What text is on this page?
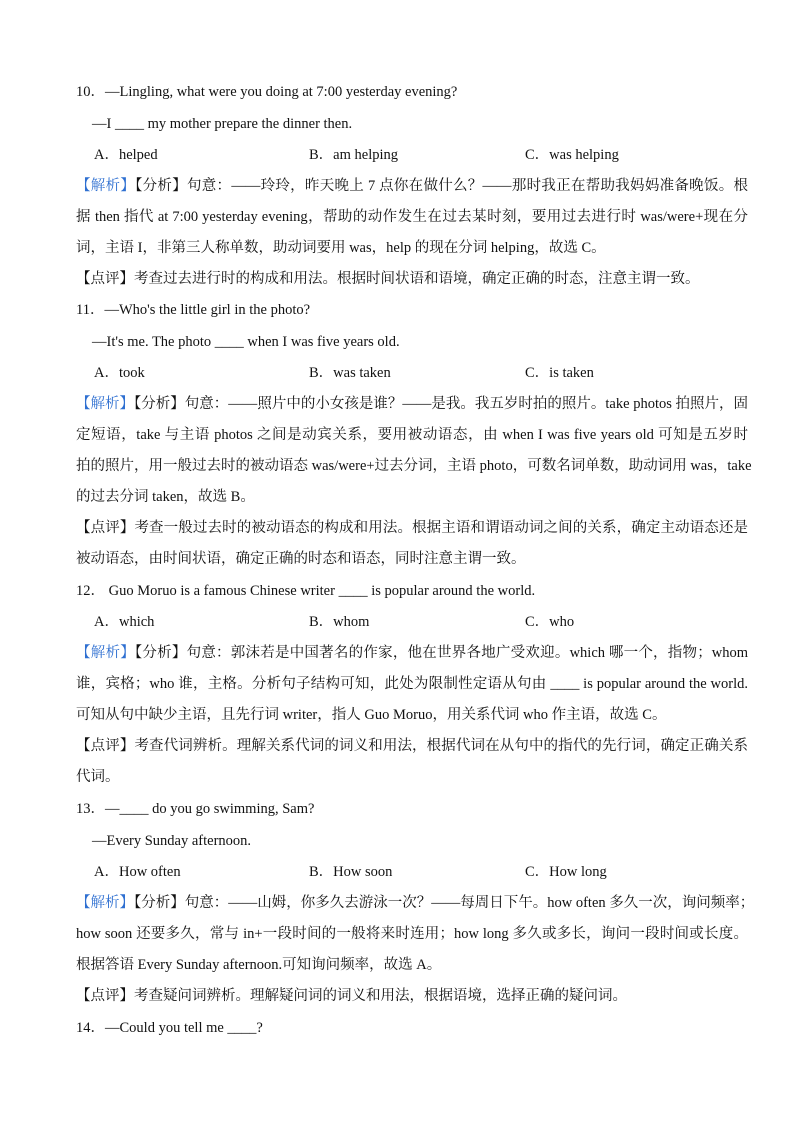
10．—Lingling, what were you doing at 7:00 yesterday evening?
—I ____ my mother prepare the dinner then.
A．helped	B．am helping	C．was helping
【解析】【分析】句意：——玲玲，昨天晚上 7 点你在做什么？——那时我正在帮助我妈妈准备晚饭。根
据 then 指代 at 7:00 yesterday evening，帮助的动作发生在过去某时刻，要用过去进行时 was/were+现在分
词，主语 I，非第三人称单数，助动词要用 was，help 的现在分词 helping，故选 C。
【点评】考查过去进行时的构成和用法。根据时间状语和语境，确定正确的时态，注意主谓一致。
11．—Who's the little girl in the photo?
—It's me. The photo ____ when I was five years old.
A．took	B．was taken	C．is taken
【解析】【分析】句意：——照片中的小女孩是谁？——是我。我五岁时拍的照片。take photos 拍照片，固
定短语，take 与主语 photos 之间是动宾关系，要用被动语态，由 when I was five years old 可知是五岁时
拍的照片，用一般过去时的被动语态 was/were+过去分词，主语 photo，可数名词单数，助动词用 was，take
的过去分词 taken，故选 B。
【点评】考查一般过去时的被动语态的构成和用法。根据主语和谓语动词之间的关系，确定主动语态还是
被动语态，由时间状语，确定正确的时态和语态，同时注意主谓一致。
12． Guo Moruo is a famous Chinese writer ____ is popular around the world.
A．which	B．whom	C．who
【解析】【分析】句意：郭沫若是中国著名的作家，他在世界各地广受欢迎。which 哪一个，指物；whom
谁，宾格；who 谁，主格。分析句子结构可知，此处为限制性定语从句由 ____ is popular around the world.
可知从句中缺少主语，且先行词 writer，指人 Guo Moruo，用关系代词 who 作主语，故选 C。
【点评】考查代词辨析。理解关系代词的词义和用法，根据代词在从句中的指代的先行词，确定正确关系
代词。
13．—____ do you go swimming, Sam?
—Every Sunday afternoon.
A．How often	B．How soon	C．How long
【解析】【分析】句意：——山姆，你多久去游泳一次？——每周日下午。how often 多久一次，询问频率；
how soon 还要多久，常与 in+一段时间的一般将来时连用；how long 多久或多长，询问一段时间或长度。
根据答语 Every Sunday afternoon.可知询问频率，故选 A。
【点评】考查疑问词辨析。理解疑问词的词义和用法，根据语境，选择正确的疑问词。
14．—Could you tell me ____?
